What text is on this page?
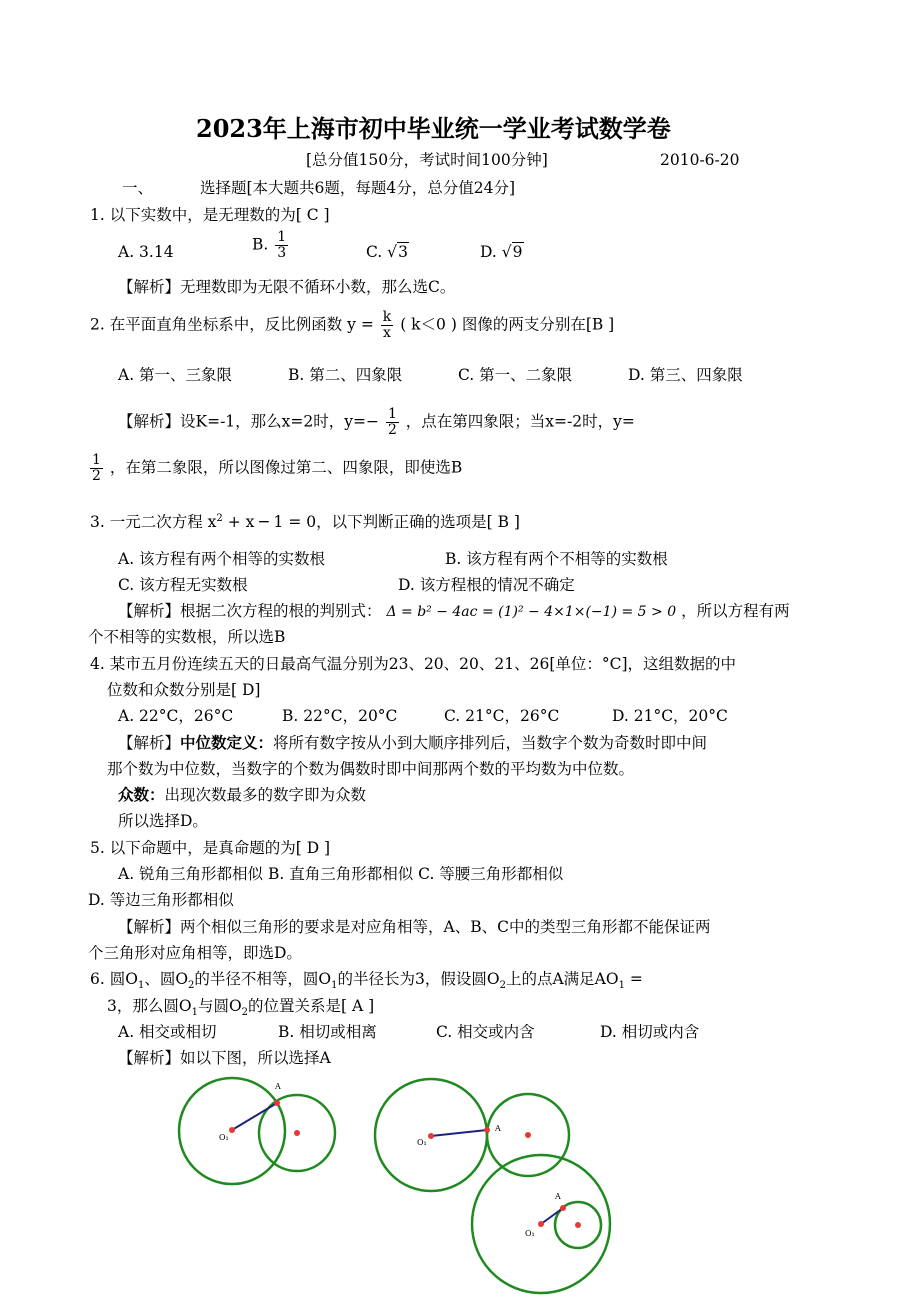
2023年上海市初中毕业统一学业考试数学卷
[总分值150分，考试时间100分钟]	2010-6-20
一、	选择题[本大题共6题，每题4分，总分值24分]
1. 以下实数中，是无理数的为[ C ]
A. 3.14	B. $\frac{1}{3}$	C. √3	D. √9
【解析】无理数即为无限不循环小数，那么选C。
2. 在平面直角坐标系中，反比例函数 $y = \frac{k}{x}$ ( k＜0 ) 图像的两支分别在[B ]
A. 第一、三象限	B. 第二、四象限	C. 第一、二象限	D. 第三、四象限
【解析】设K=-1，那么x=2时，$y=- \frac{1}{2}$ ，点在第四象限；当x=-2时，y=
$\frac{1}{2}$ ，在第二象限，所以图像过第二、四象限，即使选B
3. 一元二次方程 $x^2 + x$ ─ 1 = 0，以下判断正确的选项是[ B ]
A. 该方程有两个相等的实数根	B. 该方程有两个不相等的实数根
C. 该方程无实数根	D. 该方程根的情况不确定
【解析】根据二次方程的根的判别式： Δ = b² − 4ac = (1)² − 4×1×(−1) = 5 > 0 ，所以方程有两
个不相等的实数根，所以选B
4. 某市五月份连续五天的日最高气温分别为23、20、20、21、26[单位：°C]，这组数据的中
位数和众数分别是[ D]
A. 22°C，26°C	B. 22°C，20°C	C. 21°C，26°C	D. 21°C，20°C
【解析】中位数定义：将所有数字按从小到大顺序排列后，当数字个数为奇数时即中间
那个数为中位数，当数字的个数为偶数时即中间那两个数的平均数为中位数。
众数：出现次数最多的数字即为众数
所以选择D。
5. 以下命题中，是真命题的为[ D ]
A. 锐角三角形都相似 B. 直角三角形都相似 C. 等腰三角形都相似
D. 等边三角形都相似
【解析】两个相似三角形的要求是对应角相等，A、B、C中的类型三角形都不能保证两
个三角形对应角相等，即选D。
6. 圆$O_1$、圆$O_2$的半径不相等，圆$O_1$的半径长为3，假设圆$O_2$上的点A满足$AO_1$ =
3，那么圆$O_1$与圆$O_2$的位置关系是[ A ]
A. 相交或相切	B. 相切或相离	C. 相交或内含	D. 相切或内含
【解析】如以下图，所以选择A
A
O₁
A
O₁
A
O₁
